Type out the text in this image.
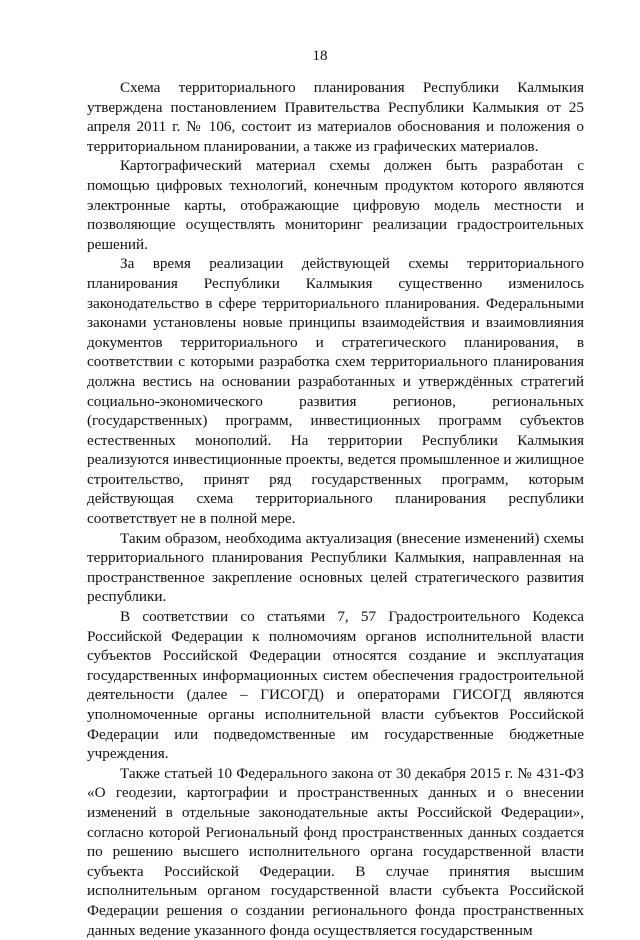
18

Схема территориального планирования Республики Калмыкия утверждена постановлением Правительства Республики Калмыкия от 25 апреля 2011 г. № 106, состоит из материалов обоснования и положения о территориальном планировании, а также из графических материалов.

Картографический материал схемы должен быть разработан с помощью цифровых технологий, конечным продуктом которого являются электронные карты, отображающие цифровую модель местности и позволяющие осуществлять мониторинг реализации градостроительных решений.

За время реализации действующей схемы территориального планирования Республики Калмыкия существенно изменилось законодательство в сфере территориального планирования. Федеральными законами установлены новые принципы взаимодействия и взаимовлияния документов территориального и стратегического планирования, в соответствии с которыми разработка схем территориального планирования должна вестись на основании разработанных и утверждённых стратегий социально-экономического развития регионов, региональных (государственных) программ, инвестиционных программ субъектов естественных монополий. На территории Республики Калмыкия реализуются инвестиционные проекты, ведется промышленное и жилищное строительство, принят ряд государственных программ, которым действующая схема территориального планирования республики соответствует не в полной мере.

Таким образом, необходима актуализация (внесение изменений) схемы территориального планирования Республики Калмыкия, направленная на пространственное закрепление основных целей стратегического развития республики.

В соответствии со статьями 7, 57 Градостроительного Кодекса Российской Федерации к полномочиям органов исполнительной власти субъектов Российской Федерации относятся создание и эксплуатация государственных информационных систем обеспечения градостроительной деятельности (далее – ГИСОГД) и операторами ГИСОГД являются уполномоченные органы исполнительной власти субъектов Российской Федерации или подведомственные им государственные бюджетные учреждения.

Также статьей 10 Федерального закона от 30 декабря 2015 г. № 431-ФЗ «О геодезии, картографии и пространственных данных и о внесении изменений в отдельные законодательные акты Российской Федерации», согласно которой Региональный фонд пространственных данных создается по решению высшего исполнительного органа государственной власти субъекта Российской Федерации. В случае принятия высшим исполнительным органом государственной власти субъекта Российской Федерации решения о создании регионального фонда пространственных данных ведение указанного фонда осуществляется государственным
